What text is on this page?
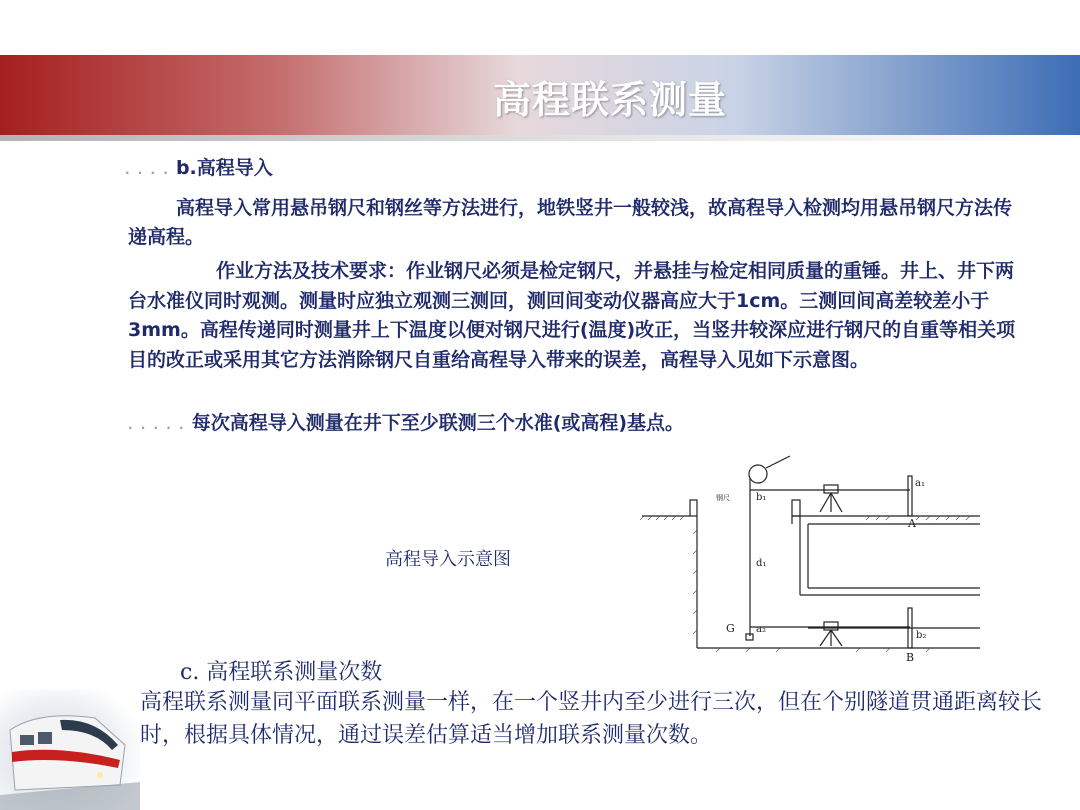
高程联系测量
. . . . b.高程导入
高程导入常用悬吊钢尺和钢丝等方法进行，地铁竖井一般较浅，故高程导入检测均用悬吊钢尺方法传递高程。
作业方法及技术要求：作业钢尺必须是检定钢尺，并悬挂与检定相同质量的重锤。井上、井下两台水准仪同时观测。测量时应独立观测三测回，测回间变动仪器高应大于1cm。三测回间高差较差小于3mm。高程传递同时测量井上下温度以便对钢尺进行(温度)改正，当竖井较深应进行钢尺的自重等相关项目的改正或采用其它方法消除钢尺自重给高程导入带来的误差，高程导入见如下示意图。
. . . . . 每次高程导入测量在井下至少联测三个水准(或高程)基点。
高程导入示意图
钢尺	b₁
a₁
A
d₁
G a₂
b₂
B
c. 高程联系测量次数
高程联系测量同平面联系测量一样，在一个竖井内至少进行三次，但在个别隧道贯通距离较长时，根据具体情况，通过误差估算适当增加联系测量次数。
